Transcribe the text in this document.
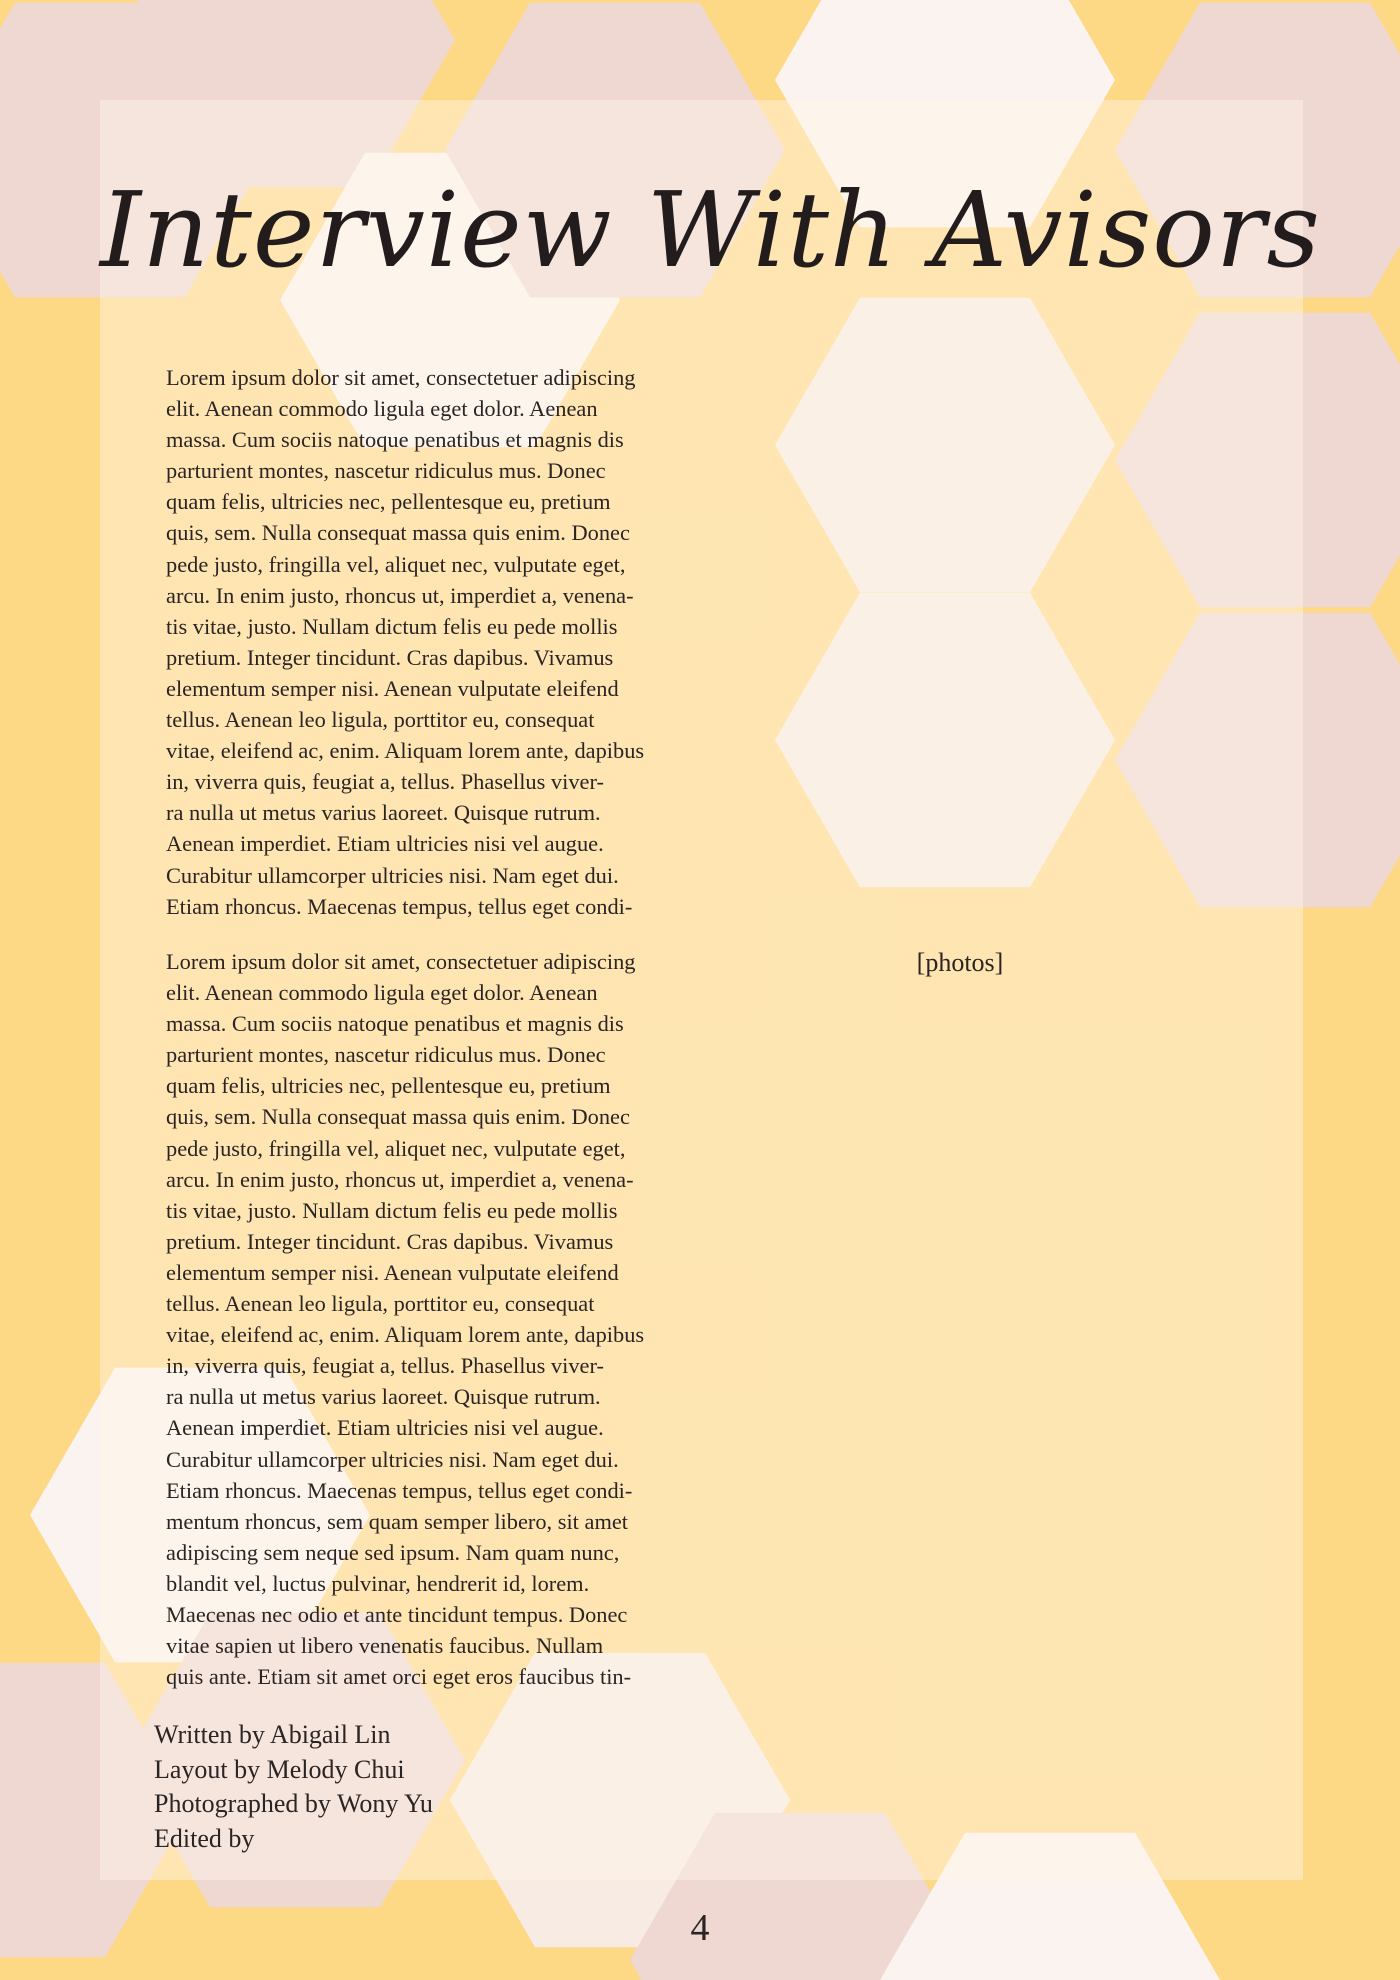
Interview With Avisors

Lorem ipsum dolor sit amet, consectetuer adipiscing
elit. Aenean commodo ligula eget dolor. Aenean
massa. Cum sociis natoque penatibus et magnis dis
parturient montes, nascetur ridiculus mus. Donec
quam felis, ultricies nec, pellentesque eu, pretium
quis, sem. Nulla consequat massa quis enim. Donec
pede justo, fringilla vel, aliquet nec, vulputate eget,
arcu. In enim justo, rhoncus ut, imperdiet a, venena-
tis vitae, justo. Nullam dictum felis eu pede mollis
pretium. Integer tincidunt. Cras dapibus. Vivamus
elementum semper nisi. Aenean vulputate eleifend
tellus. Aenean leo ligula, porttitor eu, consequat
vitae, eleifend ac, enim. Aliquam lorem ante, dapibus
in, viverra quis, feugiat a, tellus. Phasellus viver-
ra nulla ut metus varius laoreet. Quisque rutrum.
Aenean imperdiet. Etiam ultricies nisi vel augue.
Curabitur ullamcorper ultricies nisi. Nam eget dui.
Etiam rhoncus. Maecenas tempus, tellus eget condi-

Lorem ipsum dolor sit amet, consectetuer adipiscing
elit. Aenean commodo ligula eget dolor. Aenean
massa. Cum sociis natoque penatibus et magnis dis
parturient montes, nascetur ridiculus mus. Donec
quam felis, ultricies nec, pellentesque eu, pretium
quis, sem. Nulla consequat massa quis enim. Donec
pede justo, fringilla vel, aliquet nec, vulputate eget,
arcu. In enim justo, rhoncus ut, imperdiet a, venena-
tis vitae, justo. Nullam dictum felis eu pede mollis
pretium. Integer tincidunt. Cras dapibus. Vivamus
elementum semper nisi. Aenean vulputate eleifend
tellus. Aenean leo ligula, porttitor eu, consequat
vitae, eleifend ac, enim. Aliquam lorem ante, dapibus
in, viverra quis, feugiat a, tellus. Phasellus viver-
ra nulla ut metus varius laoreet. Quisque rutrum.
Aenean imperdiet. Etiam ultricies nisi vel augue.
Curabitur ullamcorper ultricies nisi. Nam eget dui.
Etiam rhoncus. Maecenas tempus, tellus eget condi-
mentum rhoncus, sem quam semper libero, sit amet
adipiscing sem neque sed ipsum. Nam quam nunc,
blandit vel, luctus pulvinar, hendrerit id, lorem.
Maecenas nec odio et ante tincidunt tempus. Donec
vitae sapien ut libero venenatis faucibus. Nullam
quis ante. Etiam sit amet orci eget eros faucibus tin-

[photos]
Written by Abigail Lin
Layout by Melody Chui
Photographed by Wony Yu
Edited by
4
